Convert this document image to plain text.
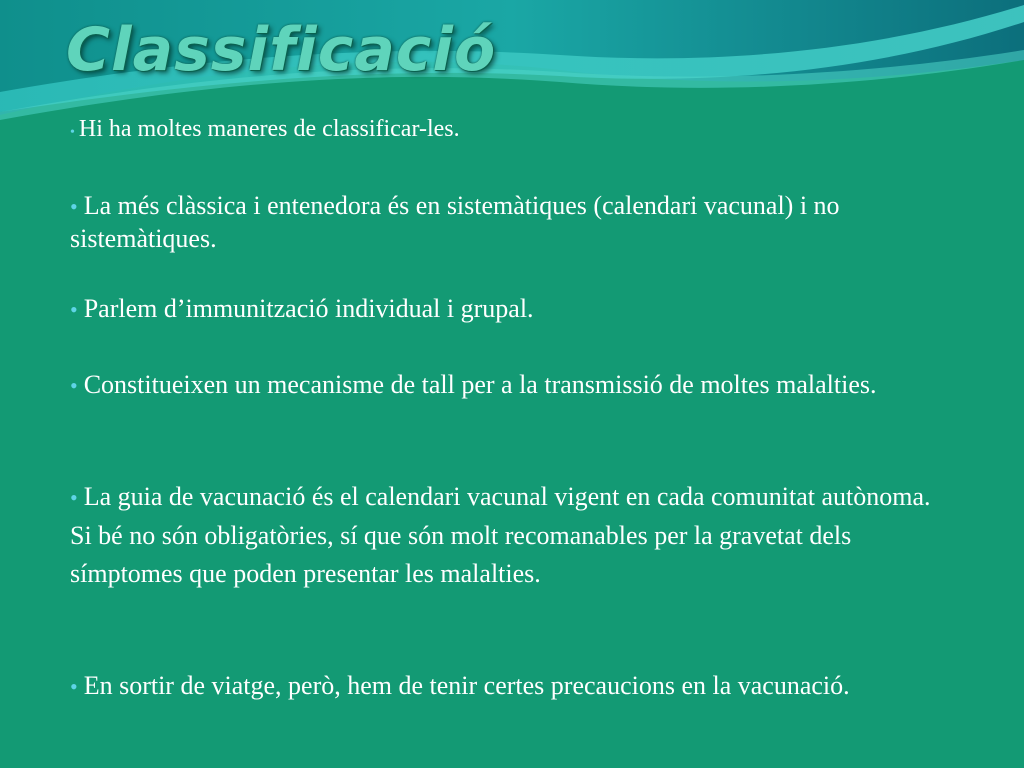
Classificació
• Hi ha moltes maneres de classificar-les.
• La més clàssica i entenedora és en sistemàtiques (calendari vacunal) i no sistemàtiques.
• Parlem d’immunització individual i grupal.
• Constitueixen un mecanisme de tall per a la transmissió de moltes malalties.
• La guia de vacunació és el calendari vacunal vigent en cada comunitat autònoma. Si bé no són obligatòries, sí que són molt recomanables per la gravetat dels símptomes que poden presentar les malalties.
• En sortir de viatge, però, hem de tenir certes precaucions en la vacunació.
